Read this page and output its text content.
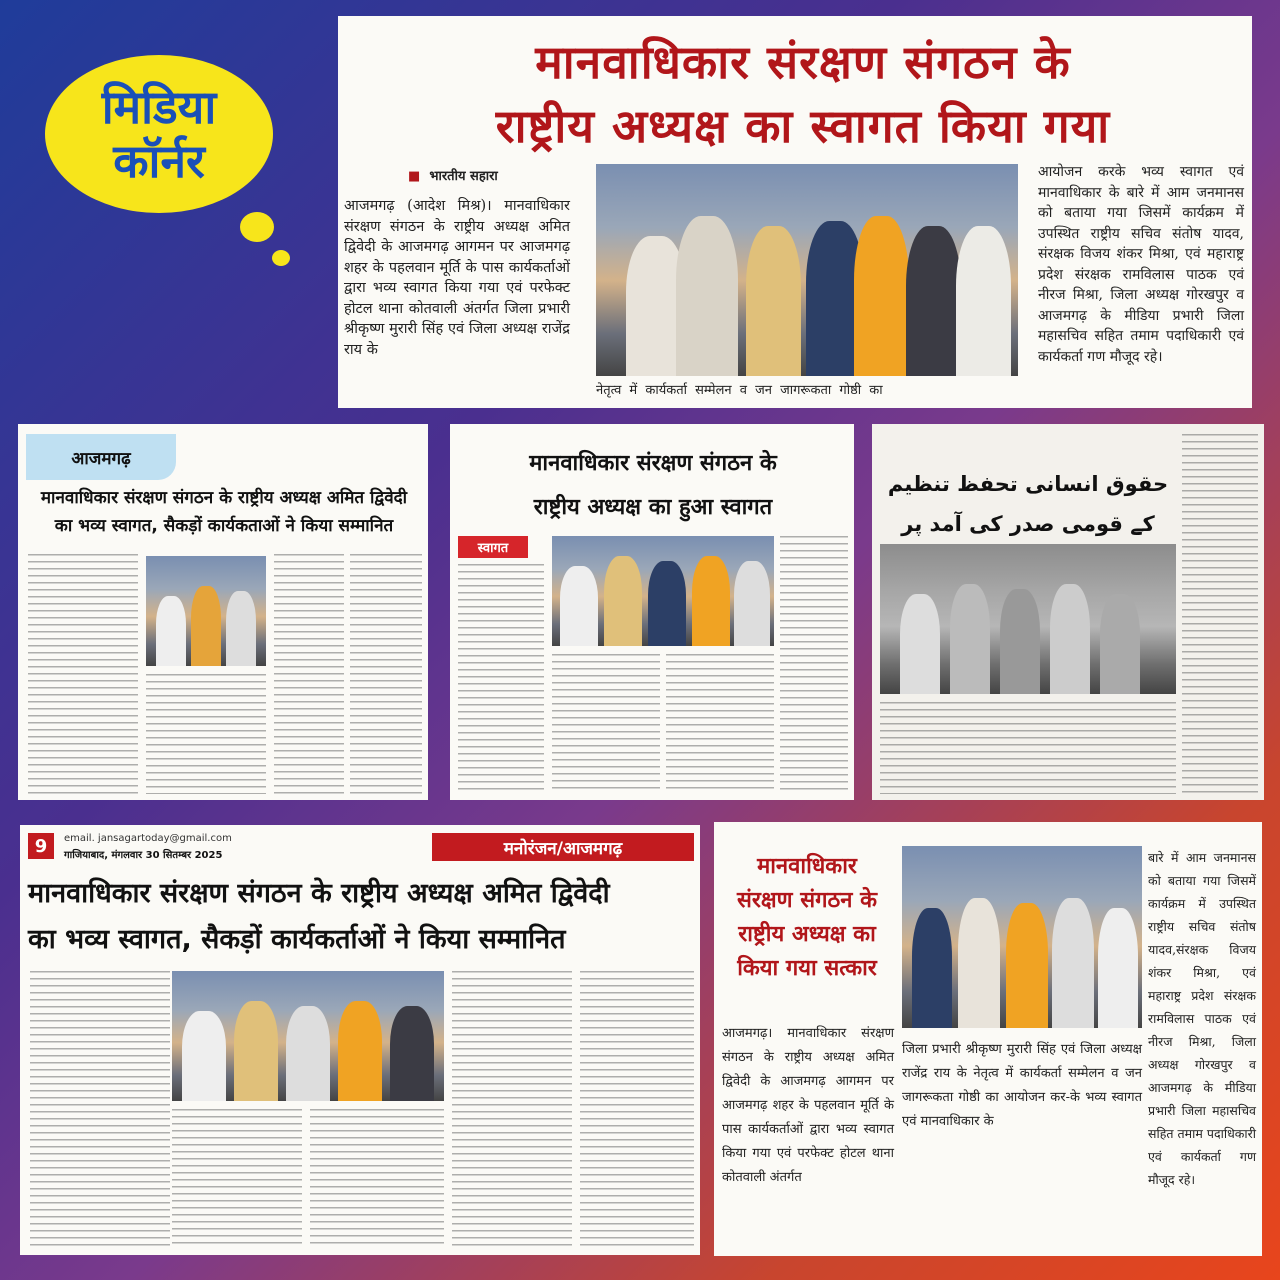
मिडिया
कॉर्नर
मानवाधिकार संरक्षण संगठन के
राष्ट्रीय अध्यक्ष का स्वागत किया गया
■ भारतीय सहारा
आजमगढ़ (आदेश मिश्र)। मानवाधिकार संरक्षण संगठन के राष्ट्रीय अध्यक्ष अमित द्विवेदी के आजमगढ़ आगमन पर आजमगढ़ शहर के पहलवान मूर्ति के पास कार्यकर्ताओं द्वारा भव्य स्वागत किया गया एवं परफेक्ट होटल थाना कोतवाली अंतर्गत जिला प्रभारी श्रीकृष्ण मुरारी सिंह एवं जिला अध्यक्ष राजेंद्र राय के
नेतृत्व में कार्यकर्ता सम्मेलन व जन जागरूकता गोष्ठी का
आयोजन करके भव्य स्वागत एवं मानवाधिकार के बारे में आम जनमानस को बताया गया जिसमें कार्यक्रम में उपस्थित राष्ट्रीय सचिव संतोष यादव, संरक्षक विजय शंकर मिश्रा, एवं महाराष्ट्र प्रदेश संरक्षक रामविलास पाठक एवं नीरज मिश्रा, जिला अध्यक्ष गोरखपुर व आजमगढ़ के मीडिया प्रभारी जिला महासचिव सहित तमाम पदाधिकारी एवं कार्यकर्ता गण मौजूद रहे।
आजमगढ़
मानवाधिकार संरक्षण संगठन के राष्ट्रीय अध्यक्ष अमित द्विवेदी
का भव्य स्वागत, सैकड़ों कार्यकताओं ने किया सम्मानित
मानवाधिकार संरक्षण संगठन के
राष्ट्रीय अध्यक्ष का हुआ स्वागत
स्वागत
حقوق انسانی تحفظ تنظیم کے قومی صدر کی آمد پر
9 email. jansagartoday@gmail.com
गाजियाबाद, मंगलवार 30 सितम्बर 2025	मनोरंजन/आजमगढ़
मानवाधिकार संरक्षण संगठन के राष्ट्रीय अध्यक्ष अमित द्विवेदी
का भव्य स्वागत, सैकड़ों कार्यकर्ताओं ने किया सम्मानित
मानवाधिकार
संरक्षण संगठन के
राष्ट्रीय अध्यक्ष का
किया गया सत्कार
आजमगढ़। मानवाधिकार संरक्षण संगठन के राष्ट्रीय अध्यक्ष अमित द्विवेदी के आजमगढ़ आगमन पर आजमगढ़ शहर के पहलवान मूर्ति के पास कार्यकर्ताओं द्वारा भव्य स्वागत किया गया एवं परफेक्ट होटल थाना कोतवाली अंतर्गत
जिला प्रभारी श्रीकृष्ण मुरारी सिंह एवं जिला अध्यक्ष राजेंद्र राय के नेतृत्व में कार्यकर्ता सम्मेलन व जन जागरूकता गोष्ठी का आयोजन कर-के भव्य स्वागत एवं मानवाधिकार के
बारे में आम जनमानस को बताया गया जिसमें कार्यक्रम में उपस्थित राष्ट्रीय सचिव संतोष यादव,संरक्षक विजय शंकर मिश्रा, एवं महाराष्ट्र प्रदेश संरक्षक रामविलास पाठक एवं नीरज मिश्रा, जिला अध्यक्ष गोरखपुर व आजमगढ़ के मीडिया प्रभारी जिला महासचिव सहित तमाम पदाधिकारी एवं कार्यकर्ता गण मौजूद रहे।
